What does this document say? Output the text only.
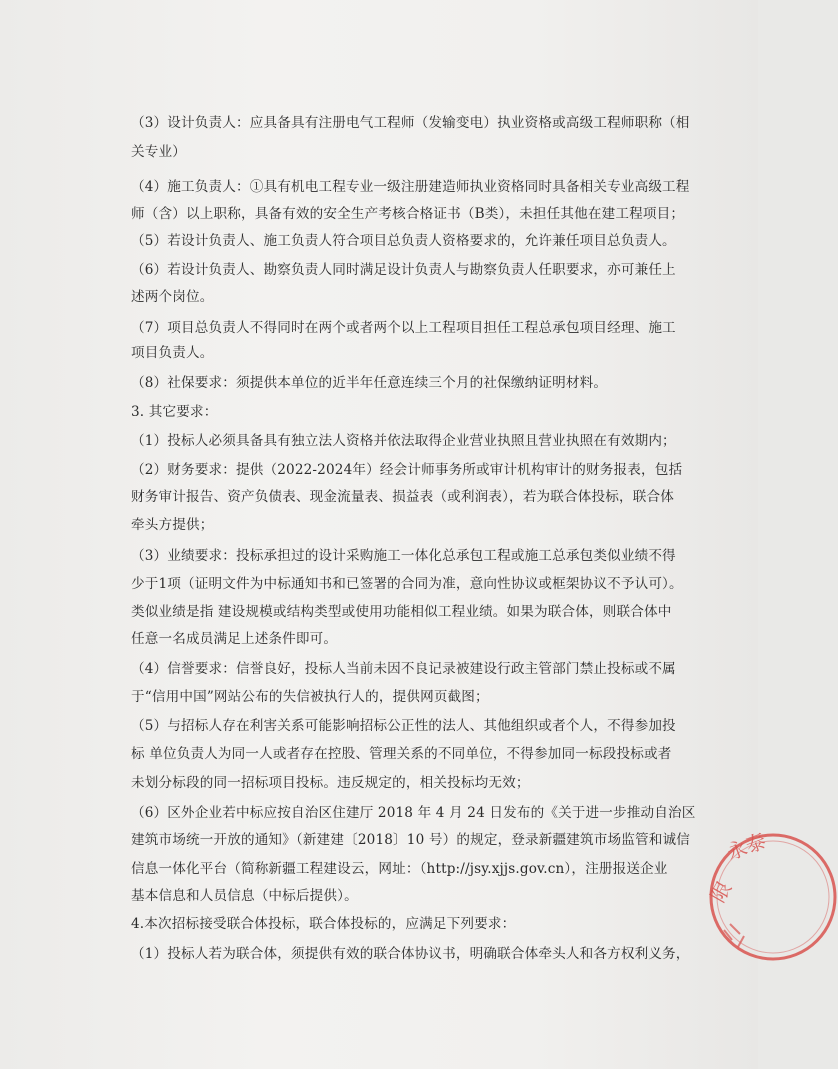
（3）设计负责人：应具备具有注册电气工程师（发输变电）执业资格或高级工程师职称（相
关专业）
（4）施工负责人：①具有机电工程专业一级注册建造师执业资格同时具备相关专业高级工程
师（含）以上职称，具备有效的安全生产考核合格证书（B类），未担任其他在建工程项目；
（5）若设计负责人、施工负责人符合项目总负责人资格要求的，允许兼任项目总负责人。
（6）若设计负责人、勘察负责人同时满足设计负责人与勘察负责人任职要求，亦可兼任上
述两个岗位。
（7）项目总负责人不得同时在两个或者两个以上工程项目担任工程总承包项目经理、施工
项目负责人。
（8）社保要求：须提供本单位的近半年任意连续三个月的社保缴纳证明材料。
3. 其它要求：
（1）投标人必须具备具有独立法人资格并依法取得企业营业执照且营业执照在有效期内；
（2）财务要求：提供（2022-2024年）经会计师事务所或审计机构审计的财务报表，包括
财务审计报告、资产负债表、现金流量表、损益表（或利润表），若为联合体投标，联合体
牵头方提供；
（3）业绩要求：投标承担过的设计采购施工一体化总承包工程或施工总承包类似业绩不得
少于1项（证明文件为中标通知书和已签署的合同为准，意向性协议或框架协议不予认可）。
类似业绩是指 建设规模或结构类型或使用功能相似工程业绩。如果为联合体，则联合体中
任意一名成员满足上述条件即可。
（4）信誉要求：信誉良好，投标人当前未因不良记录被建设行政主管部门禁止投标或不属
于“信用中国”网站公布的失信被执行人的，提供网页截图；
（5）与招标人存在利害关系可能影响招标公正性的法人、其他组织或者个人，不得参加投
标 单位负责人为同一人或者存在控股、管理关系的不同单位，不得参加同一标段投标或者
未划分标段的同一招标项目投标。违反规定的，相关投标均无效；
（6）区外企业若中标应按自治区住建厅 2018 年 4 月 24 日发布的《关于进一步推动自治区
建筑市场统一开放的通知》（新建建〔2018〕10 号）的规定，登录新疆建筑市场监管和诚信
信息一体化平台（简称新疆工程建设云，网址：（http://jsy.xjjs.gov.cn），注册报送企业
基本信息和人员信息（中标后提供）。
4.本次招标接受联合体投标，联合体投标的，应满足下列要求：
（1）投标人若为联合体，须提供有效的联合体协议书，明确联合体牵头人和各方权利义务，
永泰
限
